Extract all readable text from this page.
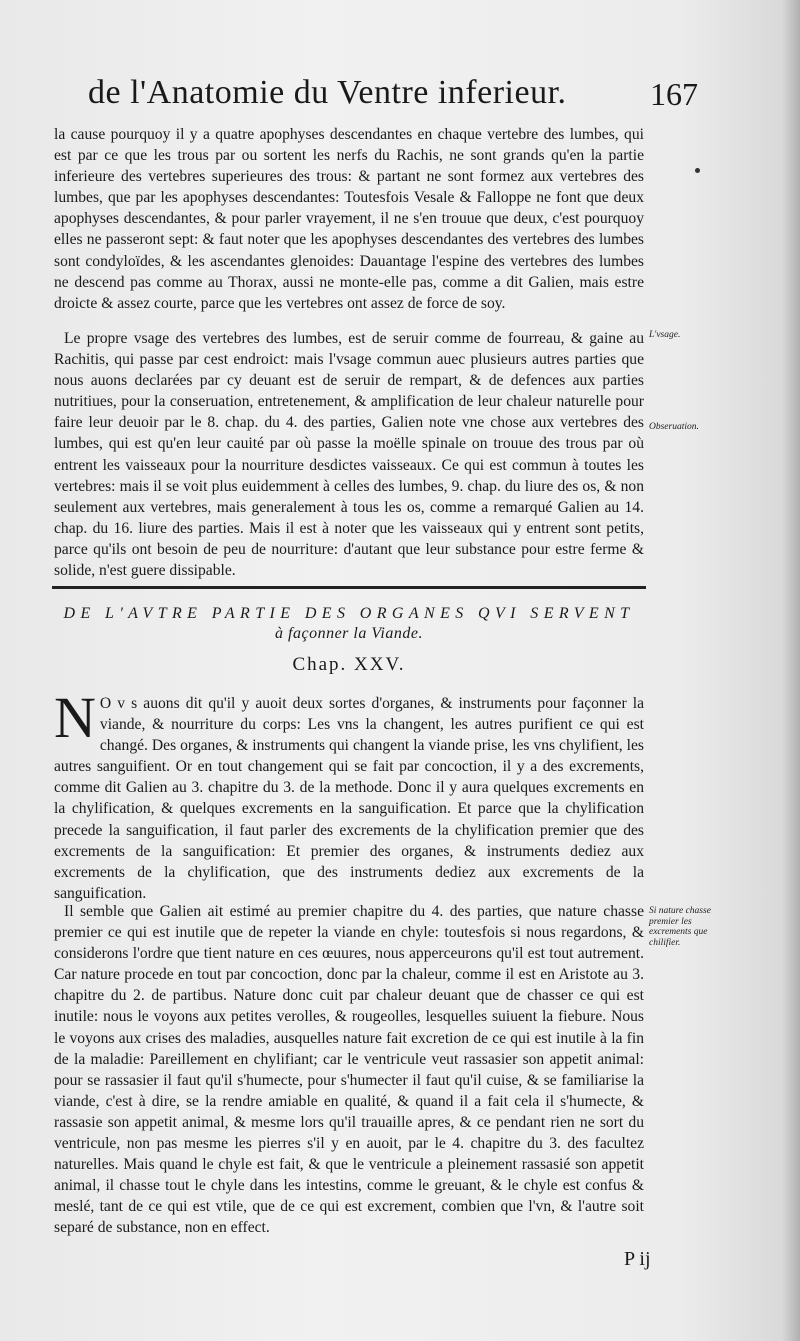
de l'Anatomie du Ventre inferieur.	167

la cause pourquoy il y a quatre apophyses descendantes en chaque vertebre des lumbes, qui est par ce que les trous par ou sortent les nerfs du Rachis, ne sont grands qu'en la partie inferieure des vertebres superieures des trous: & partant ne sont formez aux vertebres des lumbes, que par les apophyses descendantes: Toutesfois Vesale & Falloppe ne font que deux apophyses descendantes, & pour parler vrayement, il ne s'en trouue que deux, c'est pourquoy elles ne passeront sept: & faut noter que les apophyses descendantes des vertebres des lumbes sont condyloïdes, & les ascendantes glenoides: Dauantage l'espine des vertebres des lumbes ne descend pas comme au Thorax, aussi ne monte-elle pas, comme a dit Galien, mais estre droicte & assez courte, parce que les vertebres ont assez de force de soy.

Le propre vsage des vertebres des lumbes, est de seruir comme de fourreau, & gaine au Rachitis, qui passe par cest endroict: mais l'vsage commun auec plusieurs autres parties que nous auons declarées par cy deuant est de seruir de rempart, & de defences aux parties nutritiues, pour la conseruation, entretenement, & amplification de leur chaleur naturelle pour faire leur deuoir par le 8. chap. du 4. des parties, Galien note vne chose aux vertebres des lumbes, qui est qu'en leur cauité par où passe la moëlle spinale on trouue des trous par où entrent les vaisseaux pour la nourriture desdictes vaisseaux. Ce qui est commun à toutes les vertebres: mais il se voit plus euidemment à celles des lumbes, 9. chap. du liure des os, & non seulement aux vertebres, mais generalement à tous les os, comme a remarqué Galien au 14. chap. du 16. liure des parties. Mais il est à noter que les vaisseaux qui y entrent sont petits, parce qu'ils ont besoin de peu de nourriture: d'autant que leur substance pour estre ferme & solide, n'est guere dissipable.

L'vsage.
Obseruation.
DE L'AVTRE PARTIE DES ORGANES QVI SERVENT
à façonner la Viande.
Chap. XXV.
N O v s auons dit qu'il y auoit deux sortes d'organes, & instruments pour façonner la viande, & nourriture du corps: Les vns la changent, les autres purifient ce qui est changé. Des organes, & instruments qui changent la viande prise, les vns chylifient, les autres sanguifient. Or en tout changement qui se fait par concoction, il y a des excrements, comme dit Galien au 3. chapitre du 3. de la methode. Donc il y aura quelques excrements en la chylification, & quelques excrements en la sanguification. Et parce que la chylification precede la sanguification, il faut parler des excrements de la chylification premier que des excrements de la sanguification: Et premier des organes, & instruments dediez aux excrements de la chylification, que des instruments dediez aux excrements de la sanguification.

Il semble que Galien ait estimé au premier chapitre du 4. des parties, que nature chasse premier ce qui est inutile que de repeter la viande en chyle: toutesfois si nous regardons, & considerons l'ordre que tient nature en ces œuures, nous apperceurons qu'il est tout autrement. Car nature procede en tout par concoction, donc par la chaleur, comme il est en Aristote au 3. chapitre du 2. de partibus. Nature donc cuit par chaleur deuant que de chasser ce qui est inutile: nous le voyons aux petites verolles, & rougeolles, lesquelles suiuent la fiebure. Nous le voyons aux crises des maladies, ausquelles nature fait excretion de ce qui est inutile à la fin de la maladie: Pareillement en chylifiant; car le ventricule veut rassasier son appetit animal: pour se rassasier il faut qu'il s'humecte, pour s'humecter il faut qu'il cuise, & se familiarise la viande, c'est à dire, se la rendre amiable en qualité, & quand il a fait cela il s'humecte, & rassasie son appetit animal, & mesme lors qu'il trauaille apres, & ce pendant rien ne sort du ventricule, non pas mesme les pierres s'il y en auoit, par le 4. chapitre du 3. des facultez naturelles. Mais quand le chyle est fait, & que le ventricule a pleinement rassasié son appetit animal, il chasse tout le chyle dans les intestins, comme le greuant, & le chyle est confus & meslé, tant de ce qui est vtile, que de ce qui est excrement, combien que l'vn, & l'autre soit separé de substance, non en effect.

Si nature chasse premier les excrements que chilifier.
P ij
